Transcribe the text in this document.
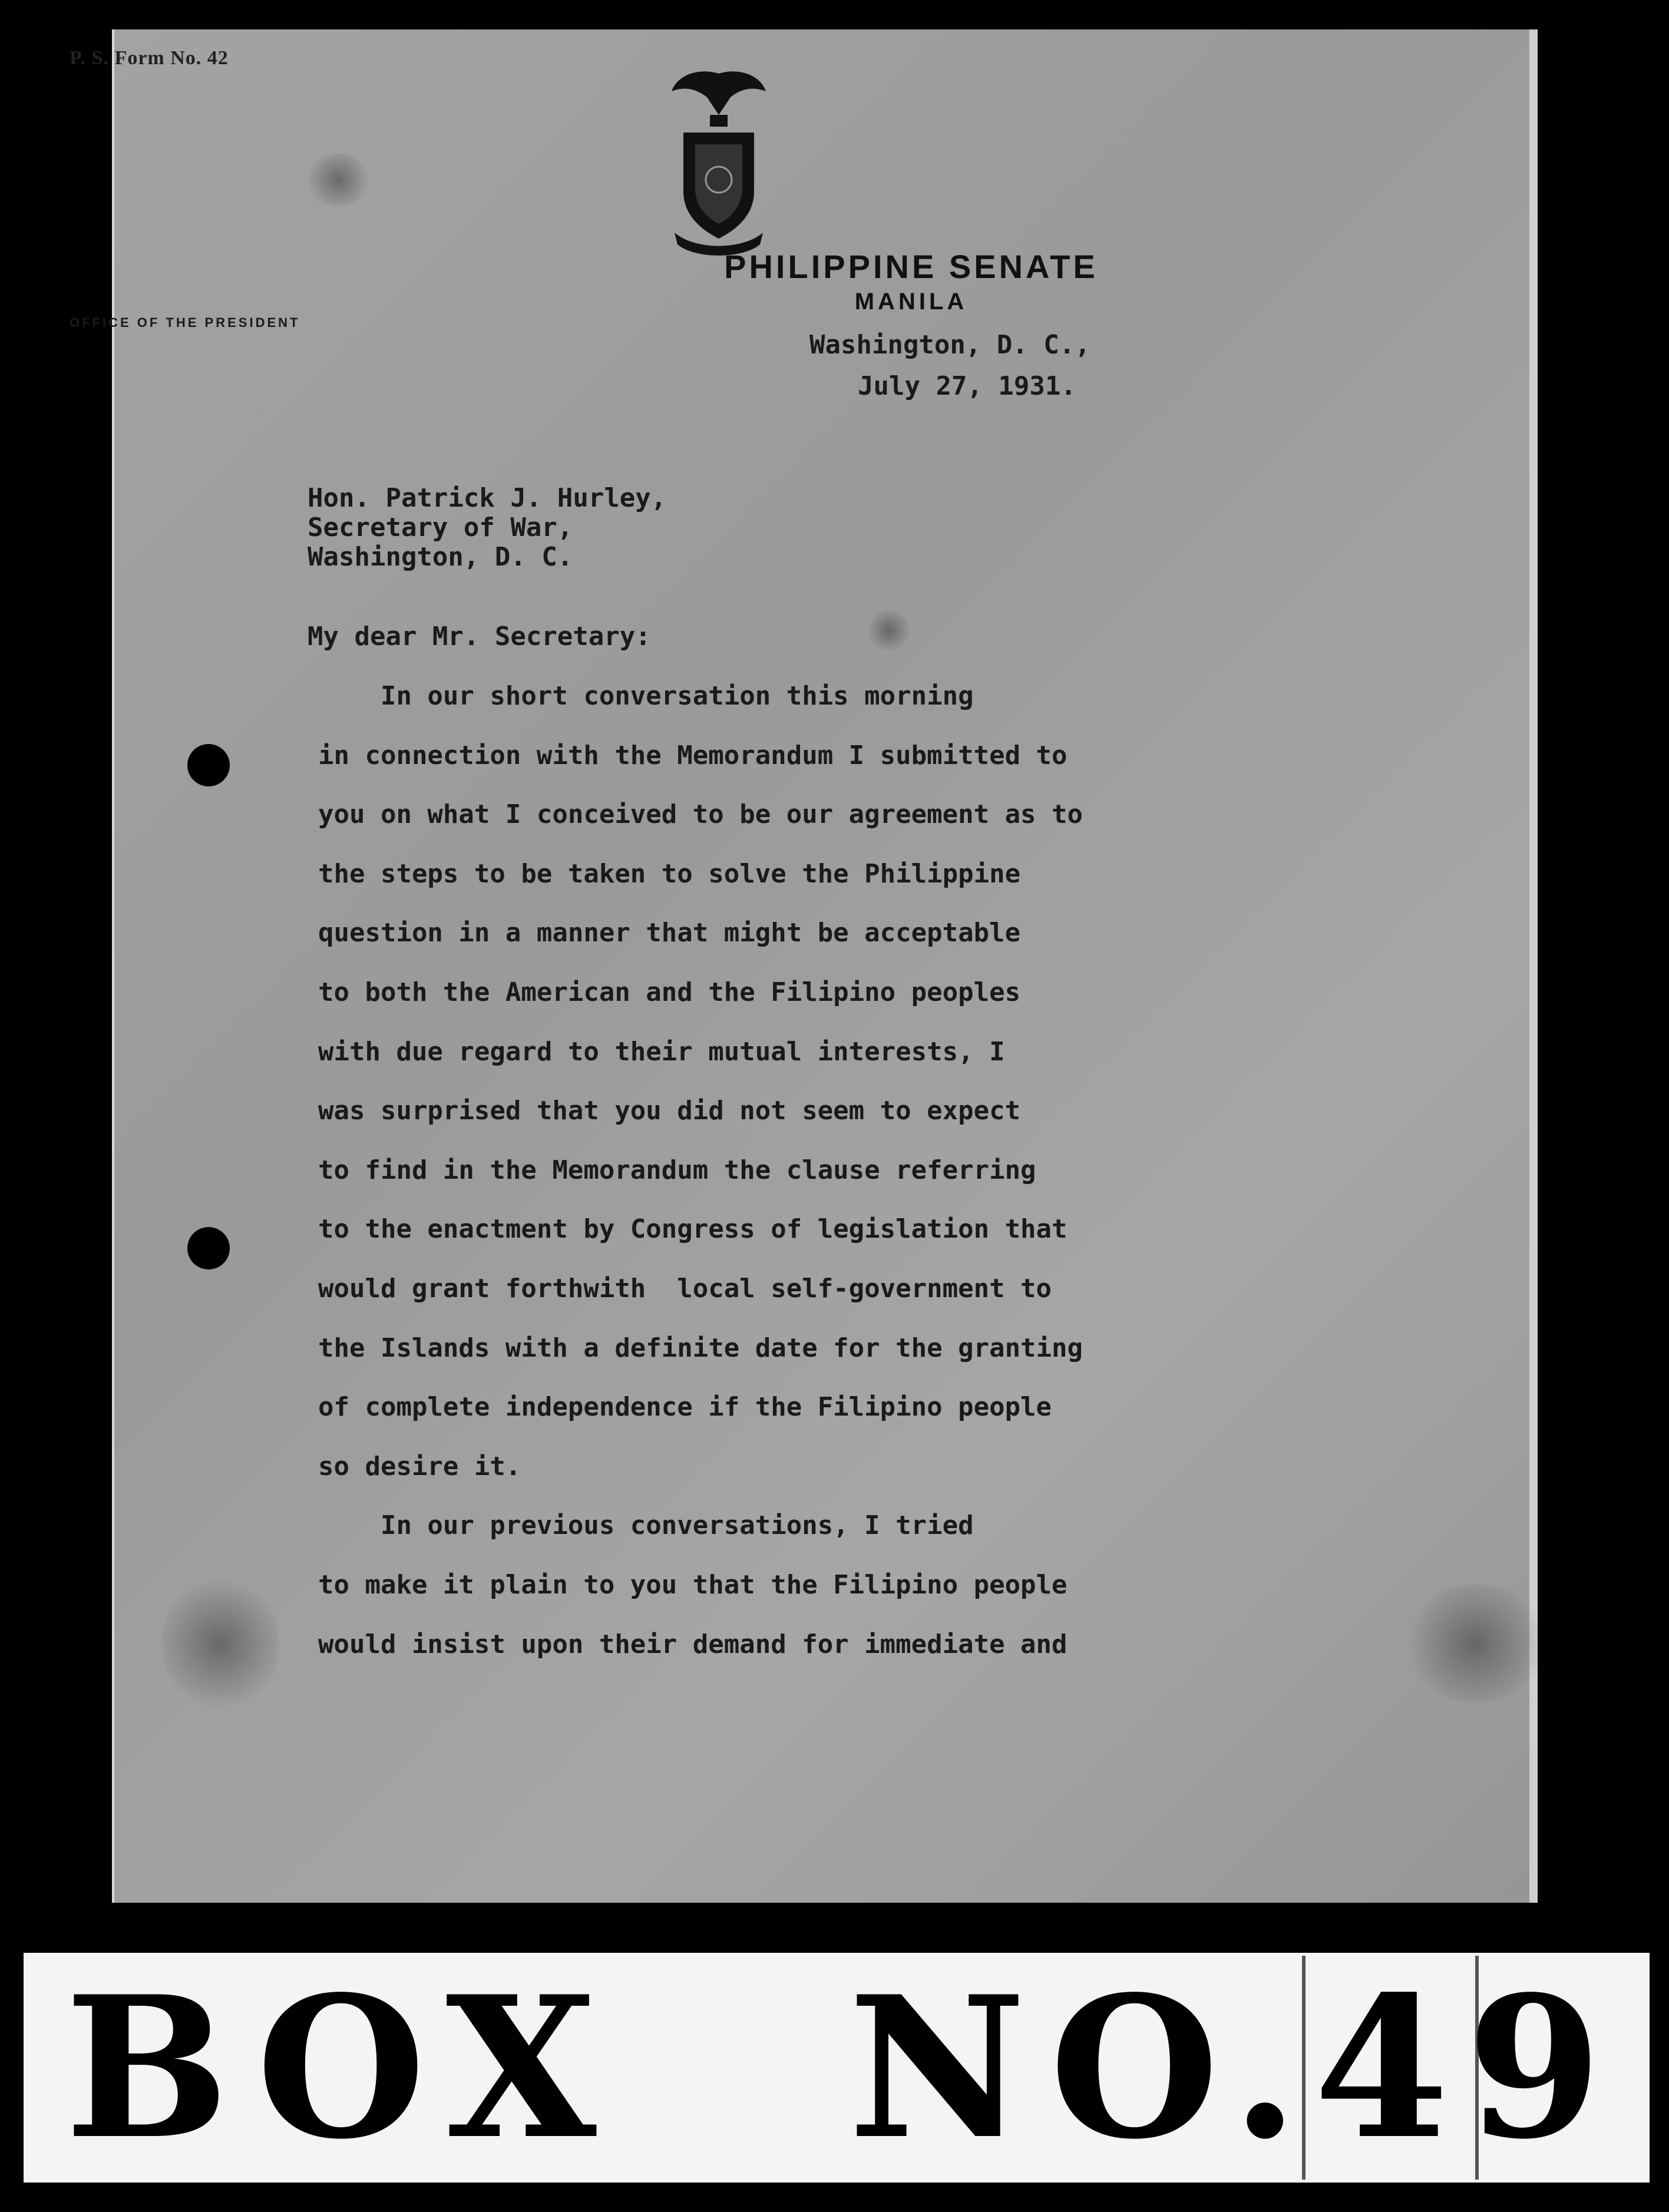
P. S. Form No. 42
PHILIPPINE SENATE
MANILA
OFFICE OF THE PRESIDENT
Washington, D. C.,
July 27, 1931.
Hon. Patrick J. Hurley,
Secretary of War,
Washington, D. C.
My dear Mr. Secretary:
In our short conversation this morning
in connection with the Memorandum I submitted to
you on what I conceived to be our agreement as to
the steps to be taken to solve the Philippine
question in a manner that might be acceptable
to both the American and the Filipino peoples
with due regard to their mutual interests, I
was surprised that you did not seem to expect
to find in the Memorandum the clause referring
to the enactment by Congress of legislation that
would grant forthwith  local self-government to
the Islands with a definite date for the granting
of complete independence if the Filipino people
so desire it.
In our previous conversations, I tried
to make it plain to you that the Filipino people
would insist upon their demand for immediate and
BOX NO.
49
